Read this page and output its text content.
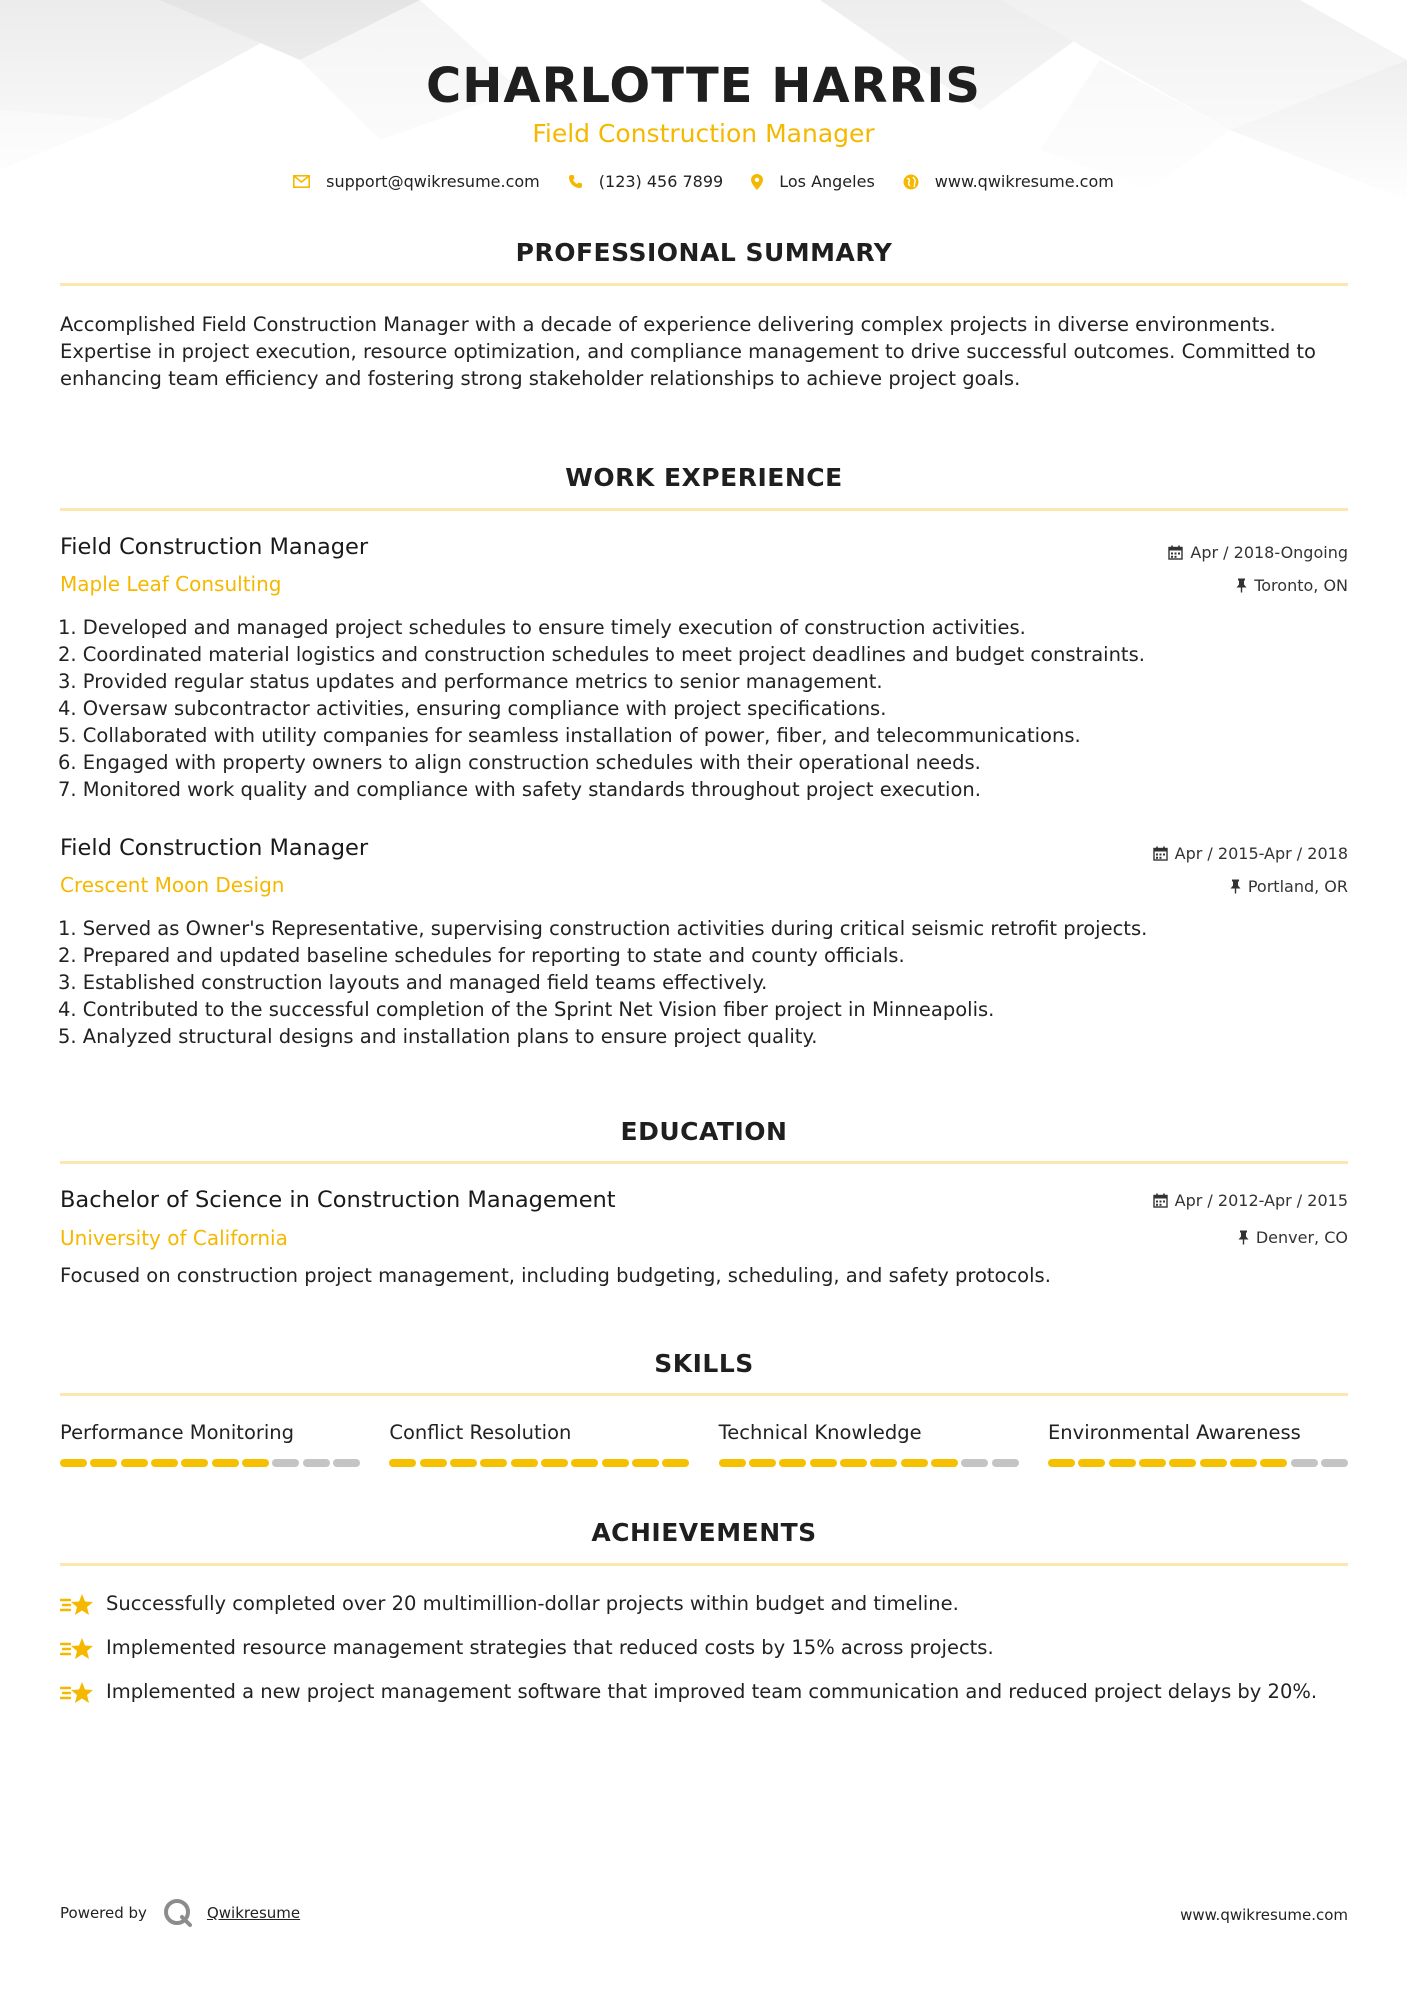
CHARLOTTE HARRIS
Field Construction Manager
support@qwikresume.com	(123) 456 7899	Los Angeles	www.qwikresume.com
PROFESSIONAL SUMMARY
Accomplished Field Construction Manager with a decade of experience delivering complex projects in diverse environments. Expertise in project execution, resource optimization, and compliance management to drive successful outcomes. Committed to enhancing team efficiency and fostering strong stakeholder relationships to achieve project goals.
WORK EXPERIENCE
Field Construction Manager	Apr / 2018-Ongoing
Maple Leaf Consulting	Toronto, ON
1. Developed and managed project schedules to ensure timely execution of construction activities.
2. Coordinated material logistics and construction schedules to meet project deadlines and budget constraints.
3. Provided regular status updates and performance metrics to senior management.
4. Oversaw subcontractor activities, ensuring compliance with project specifications.
5. Collaborated with utility companies for seamless installation of power, fiber, and telecommunications.
6. Engaged with property owners to align construction schedules with their operational needs.
7. Monitored work quality and compliance with safety standards throughout project execution.
Field Construction Manager	Apr / 2015-Apr / 2018
Crescent Moon Design	Portland, OR
1. Served as Owner's Representative, supervising construction activities during critical seismic retrofit projects.
2. Prepared and updated baseline schedules for reporting to state and county officials.
3. Established construction layouts and managed field teams effectively.
4. Contributed to the successful completion of the Sprint Net Vision fiber project in Minneapolis.
5. Analyzed structural designs and installation plans to ensure project quality.
EDUCATION
Bachelor of Science in Construction Management	Apr / 2012-Apr / 2015
University of California	Denver, CO
Focused on construction project management, including budgeting, scheduling, and safety protocols.
SKILLS
Performance Monitoring	Conflict Resolution	Technical Knowledge	Environmental Awareness
ACHIEVEMENTS
Successfully completed over 20 multimillion-dollar projects within budget and timeline.
Implemented resource management strategies that reduced costs by 15% across projects.
Implemented a new project management software that improved team communication and reduced project delays by 20%.
Powered by	Qwikresume	www.qwikresume.com
